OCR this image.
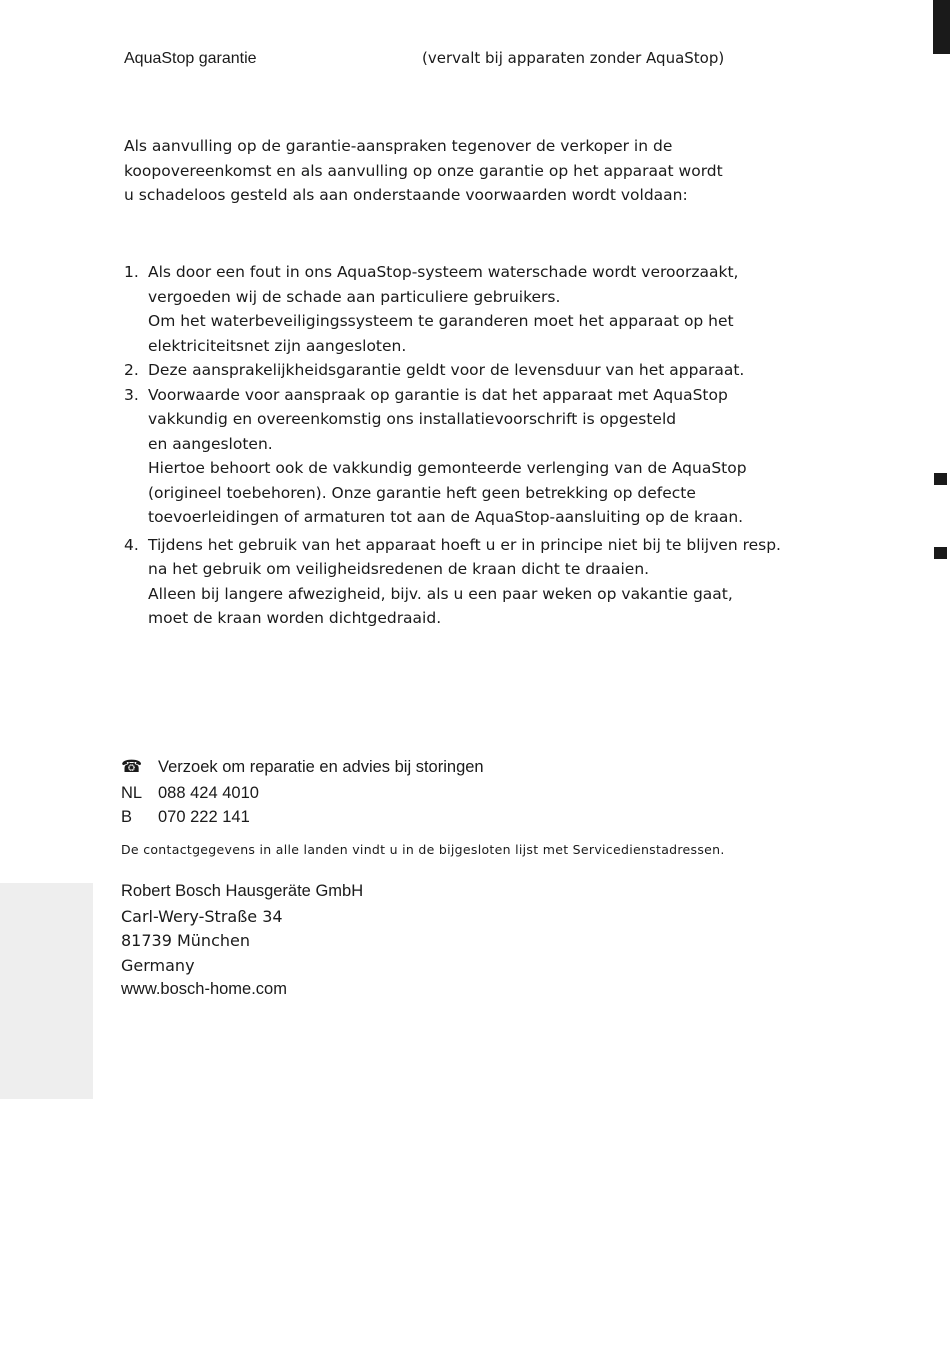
AquaStop garantie	(vervalt bij apparaten zonder AquaStop)
Als aanvulling op de garantie-aanspraken tegenover de verkoper in de
koopovereenkomst en als aanvulling op onze garantie op het apparaat wordt
u schadeloos gesteld als aan onderstaande voorwaarden wordt voldaan:
1. Als door een fout in ons AquaStop-systeem waterschade wordt veroorzaakt,
vergoeden wij de schade aan particuliere gebruikers.
Om het waterbeveiligingssysteem te garanderen moet het apparaat op het
elektriciteitsnet zijn aangesloten.
2. Deze aansprakelijkheidsgarantie geldt voor de levensduur van het apparaat.
3. Voorwaarde voor aanspraak op garantie is dat het apparaat met AquaStop
vakkundig en overeenkomstig ons installatievoorschrift is opgesteld
en aangesloten.
Hiertoe behoort ook de vakkundig gemonteerde verlenging van de AquaStop
(origineel toebehoren). Onze garantie heft geen betrekking op defecte
toevoerleidingen of armaturen tot aan de AquaStop-aansluiting op de kraan.
4. Tijdens het gebruik van het apparaat hoeft u er in principe niet bij te blijven resp.
na het gebruik om veiligheidsredenen de kraan dicht te draaien.
Alleen bij langere afwezigheid, bijv. als u een paar weken op vakantie gaat,
moet de kraan worden dichtgedraaid.
☎ Verzoek om reparatie en advies bij storingen
NL 088 424 4010
B 070 222 141
De contactgegevens in alle landen vindt u in de bijgesloten lijst met Servicedienstadressen.
Robert Bosch Hausgeräte GmbH
Carl-Wery-Straße 34
81739 München
Germany
www.bosch-home.com
